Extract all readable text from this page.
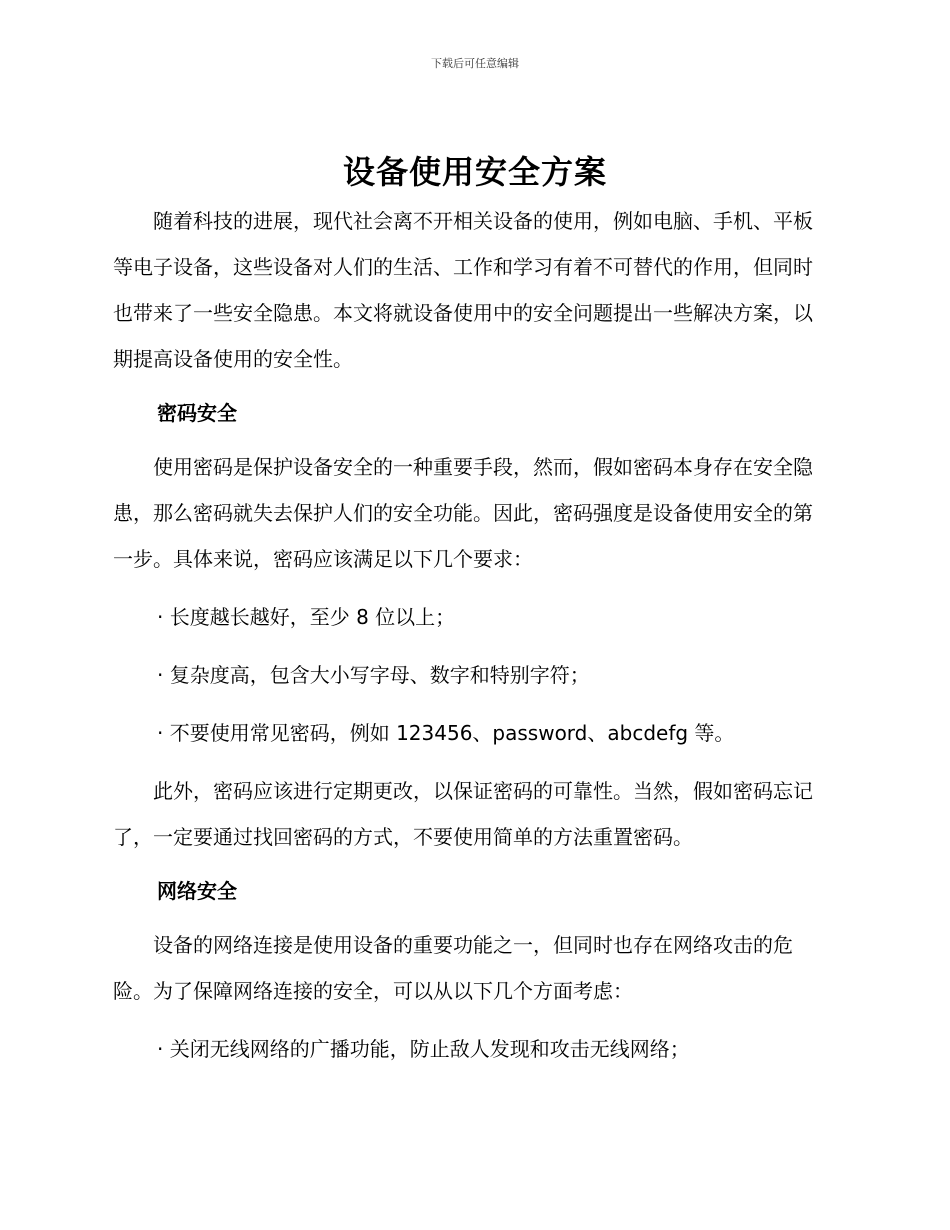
下载后可任意编辑
设备使用安全方案

随着科技的进展，现代社会离不开相关设备的使用，例如电脑、手机、平板等电子设备，这些设备对人们的生活、工作和学习有着不可替代的作用，但同时也带来了一些安全隐患。本文将就设备使用中的安全问题提出一些解决方案，以期提高设备使用的安全性。

密码安全

使用密码是保护设备安全的一种重要手段，然而，假如密码本身存在安全隐患，那么密码就失去保护人们的安全功能。因此，密码强度是设备使用安全的第一步。具体来说，密码应该满足以下几个要求：

· 长度越长越好，至少 8 位以上；

· 复杂度高，包含大小写字母、数字和特别字符；

· 不要使用常见密码，例如 123456、password、abcdefg 等。

此外，密码应该进行定期更改，以保证密码的可靠性。当然，假如密码忘记了，一定要通过找回密码的方式，不要使用简单的方法重置密码。

网络安全

设备的网络连接是使用设备的重要功能之一，但同时也存在网络攻击的危险。为了保障网络连接的安全，可以从以下几个方面考虑：

· 关闭无线网络的广播功能，防止敌人发现和攻击无线网络；
